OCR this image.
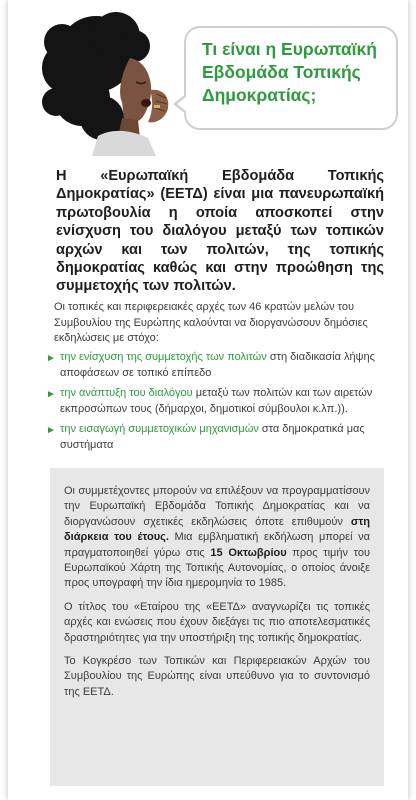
Τι είναι η Ευρωπαϊκή Εβδομάδα Τοπικής Δημοκρατίας;
Η «Ευρωπαϊκή Εβδομάδα Τοπικής Δημοκρατίας» (ΕΕΤΔ) είναι μια πανευρωπαϊκή πρωτοβουλία η οποία αποσκοπεί στην ενίσχυση του διαλόγου μεταξύ των τοπικών αρχών και των πολιτών, της τοπικής δημοκρατίας καθώς και στην προώθηση της συμμετοχής των πολιτών.
Οι τοπικές και περιφερειακές αρχές των 46 κρατών μελών του Συμβουλίου της Ευρώπης καλούνται να διοργανώσουν δημόσιες εκδηλώσεις με στόχο:
► την ενίσχυση της συμμετοχής των πολιτών στη διαδικασία λήψης αποφάσεων σε τοπικό επίπεδο
► την ανάπτυξη του διαλόγου μεταξύ των πολιτών και των αιρετών εκπροσώπων τους (δήμαρχοι, δημοτικοί σύμβουλοι κ.λπ.)).
► την εισαγωγή συμμετοχικών μηχανισμών στα δημοκρατικά μας συστήματα

Οι συμμετέχοντες μπορούν να επιλέξουν να προγραμματίσουν την Ευρωπαϊκή Εβδομάδα Τοπικής Δημοκρατίας και να διοργανώσουν σχετικές εκδηλώσεις όποτε επιθυμούν στη διάρκεια του έτους. Μια εμβληματική εκδήλωση μπορεί να πραγματοποιηθεί γύρω στις 15 Οκτωβρίου προς τιμήν του Ευρωπαϊκού Χάρτη της Τοπικής Αυτονομίας, ο οποίος άνοιξε προς υπογραφή την ίδια ημερομηνία το 1985.

Ο τίτλος του «Εταίρου της «ΕΕΤΔ» αναγνωρίζει τις τοπικές αρχές και ενώσεις που έχουν διεξάγει τις πιο αποτελεσματικές δραστηριότητες για την υποστήριξη της τοπικής δημοκρατίας.

Το Κογκρέσο των Τοπικών και Περιφερειακών Αρχών του Συμβουλίου της Ευρώπης είναι υπεύθυνο για το συντονισμό της ΕΕΤΔ.
